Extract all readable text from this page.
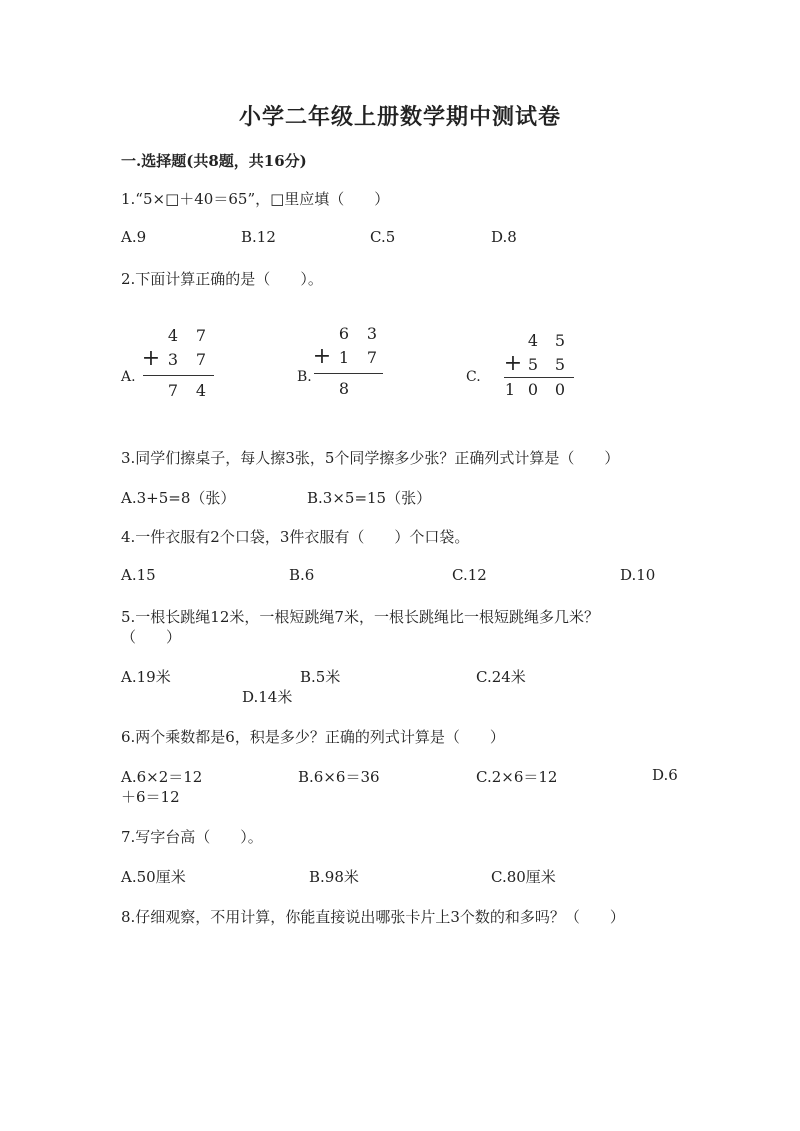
小学二年级上册数学期中测试卷
一.选择题(共8题，共16分)
1.“5×□＋40＝65”，□里应填（　　）
A.9	B.12	C.5	D.8
2.下面计算正确的是（　　）。
A.
4	7
+ 3	7
7	4
B.
6	3
+ 1	7
8
C.
4	5
+ 5	5
1 0	0
3.同学们擦桌子，每人擦3张，5个同学擦多少张？正确列式计算是（　　）
A.3+5=8（张）	B.3×5=15（张）
4.一件衣服有2个口袋，3件衣服有（　　）个口袋。
A.15	B.6	C.12	D.10
5.一根长跳绳12米，一根短跳绳7米，一根长跳绳比一根短跳绳多几米？
（　　）
A.19米	B.5米	C.24米
D.14米
6.两个乘数都是6，积是多少？正确的列式计算是（　　）
A.6×2＝12	B.6×6＝36	C.2×6＝12	D.6
＋6＝12
7.写字台高（　　）。
A.50厘米	B.98米	C.80厘米
8.仔细观察，不用计算，你能直接说出哪张卡片上3个数的和多吗？（　　）
